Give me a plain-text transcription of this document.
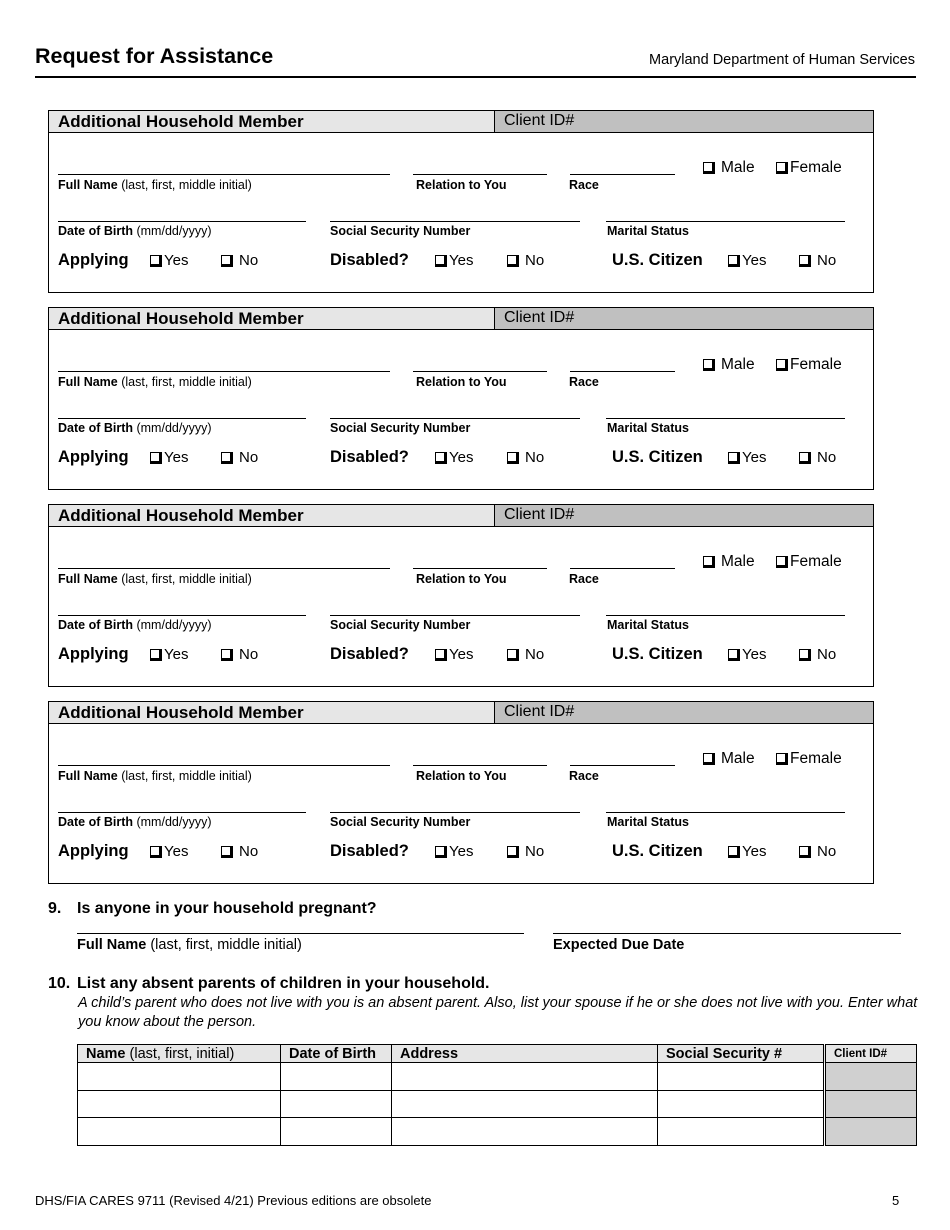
Request for Assistance	Maryland Department of Human Services
Additional Household Member	Client ID#
Full Name (last, first, middle initial)	Relation to You	Race
Male Female
Date of Birth (mm/dd/yyyy)	Social Security Number	Marital Status
Applying Yes	No	Disabled?	Yes	No	U.S. Citizen	Yes	No
Additional Household Member	Client ID#
Full Name (last, first, middle initial)	Relation to You	Race
Male Female
Date of Birth (mm/dd/yyyy)	Social Security Number	Marital Status
Applying Yes	No	Disabled?	Yes	No	U.S. Citizen	Yes	No
Additional Household Member	Client ID#
Full Name (last, first, middle initial)	Relation to You	Race
Male Female
Date of Birth (mm/dd/yyyy)	Social Security Number	Marital Status
Applying Yes	No	Disabled?	Yes	No	U.S. Citizen	Yes	No
Additional Household Member	Client ID#
Full Name (last, first, middle initial)	Relation to You	Race
Male Female
Date of Birth (mm/dd/yyyy)	Social Security Number	Marital Status
Applying Yes	No	Disabled?	Yes	No	U.S. Citizen	Yes	No
9. Is anyone in your household pregnant?
Full Name (last, first, middle initial)	Expected Due Date
10. List any absent parents of children in your household.
A child’s parent who does not live with you is an absent parent. Also, list your spouse if he or she does not live with you. Enter what you know about the person.
Name (last, first, initial)	Date of Birth	Address	Social Security #	Client ID#

DHS/FIA CARES 9711 (Revised 4/21) Previous editions are obsolete	5
